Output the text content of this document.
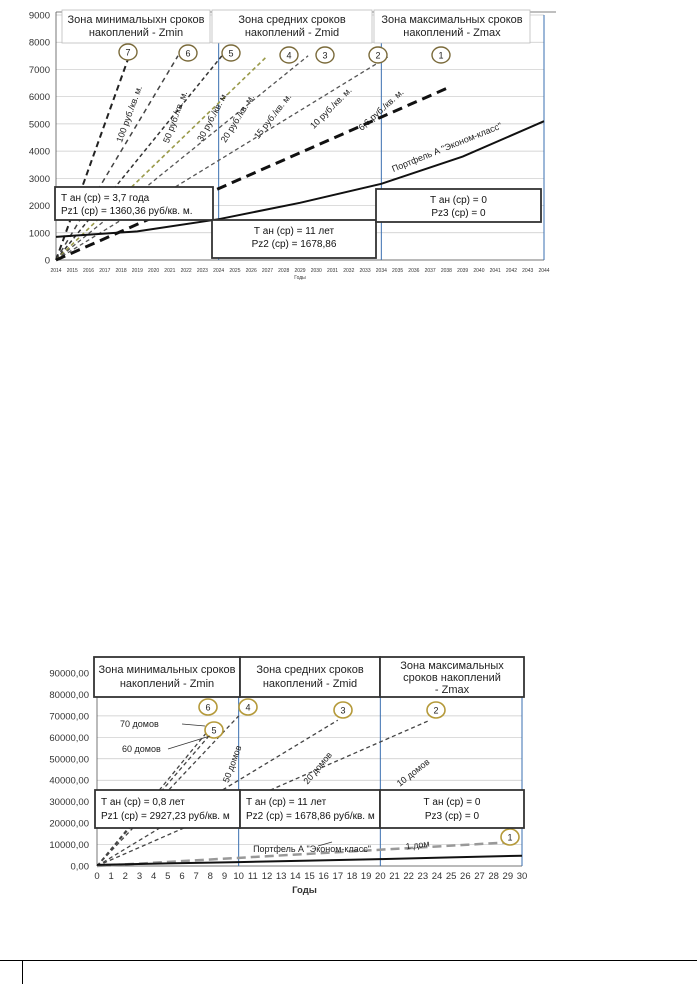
0
1000
2000
3000
4000
5000
6000
7000
8000
9000
2014 2015 2016 2017 2018 2019 2020 2021 2022 2023 2024 2025 2026 2027 2028 2029 2030 2031 2032 2033 2034 2035 2036 2037 2038 2039 2040 2041 2042 2043 2044
Годы
Зона минимальыхн сроков
накоплений - Zmin
Зона средних сроков
накоплений - Zmid
Зона максимальных сроков
накоплений - Zmax
7	6	5	4	3	2	1
100 руб./кв. м. 50 руб./кв. м. 30 руб./кв. м.
20 руб./кв. м.
15 руб./кв. м. 10 руб./кв. м. 6,6 руб./кв. м.
Портфель А "Эконом-класс"
Т ан (ср) = 3,7 года
Рz1 (ср) = 1360,36 руб/кв. м.
Т ан (ср) = 11 лет
Рz2 (ср) = 1678,86
Т ан (ср) = 0
Рz3 (ср) = 0
0,00
10000,00
20000,00
30000,00
40000,00
50000,00
60000,00
70000,00
80000,00
90000,00
0 1 2 3 4 5 6 7 8 9 10 11 12 13 14 15 16 17 18 19 20 21 22 23 24 25 26 27 28 29 30
Годы
Зона минимальных сроков
накоплений - Zmin
Зона средних сроков
накоплений - Zmid
Зона максимальных
сроков накоплений
- Zmax
6
5
4	3	2
1
70 домов
60 домов	50 домов	20 домов	10 домов
1 дом
Портфель А "Эконом-класс"
Т ан (ср) = 0,8 лет
Рz1 (ср) = 2927,23 руб/кв. м
Т ан (ср) = 11 лет
Рz2 (ср) = 1678,86 руб/кв. м
Т ан (ср) = 0
Рz3 (ср) = 0
